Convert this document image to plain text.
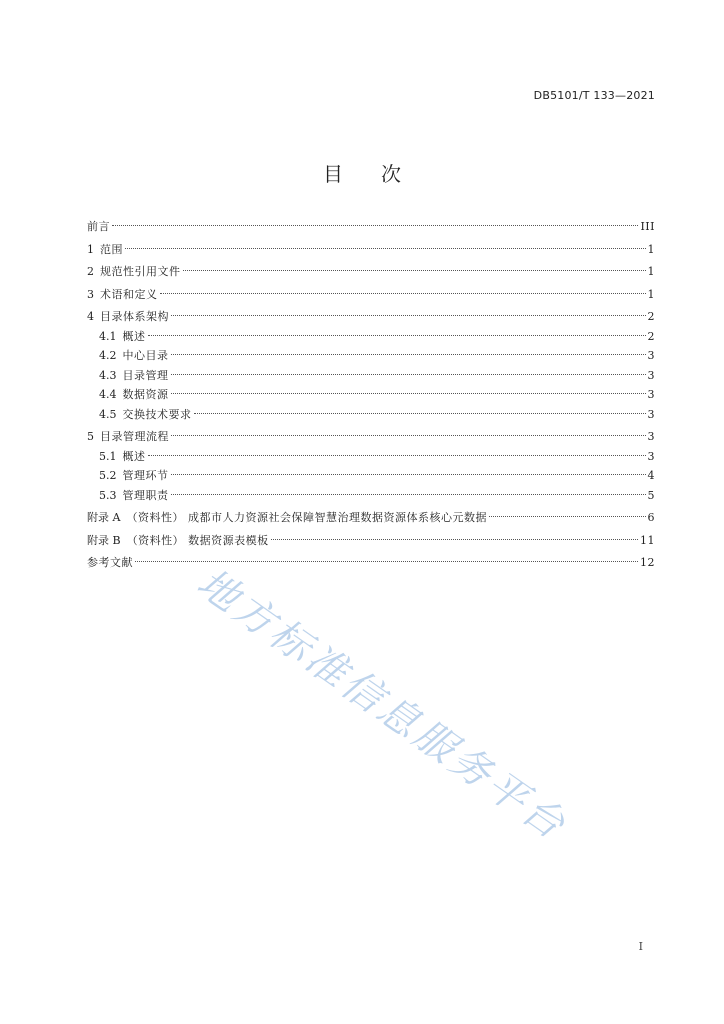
DB5101/T 133—2021
目 次
前言	III
1 范围	1
2 规范性引用文件	1
3 术语和定义	1
4 目录体系架构	2
4.1 概述	2
4.2 中心目录	3
4.3 目录管理	3
4.4 数据资源	3
4.5 交换技术要求	3
5 目录管理流程	3
5.1 概述	3
5.2 管理环节	4
5.3 管理职责	5
附录 A （资料性） 成都市人力资源社会保障智慧治理数据资源体系核心元数据	6
附录 B （资料性） 数据资源表模板	11
参考文献	12
地方标准信息服务平台
I
